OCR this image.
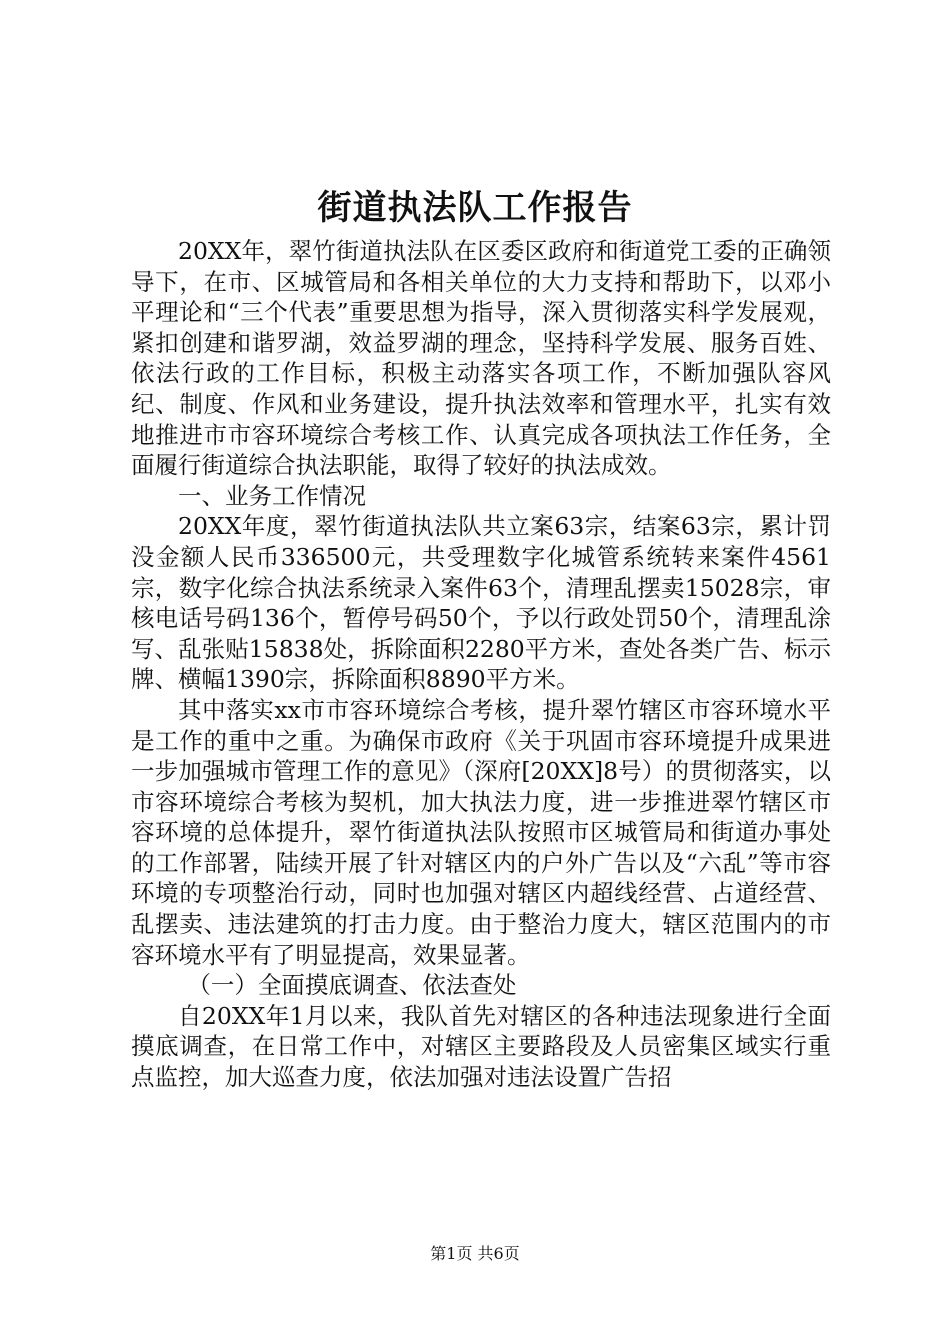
街道执法队工作报告

20XX年，翠竹街道执法队在区委区政府和街道党工委的正确领导下，在市、区城管局和各相关单位的大力支持和帮助下，以邓小平理论和“三个代表”重要思想为指导，深入贯彻落实科学发展观，紧扣创建和谐罗湖，效益罗湖的理念，坚持科学发展、服务百姓、依法行政的工作目标，积极主动落实各项工作，不断加强队容风纪、制度、作风和业务建设，提升执法效率和管理水平，扎实有效地推进市市容环境综合考核工作、认真完成各项执法工作任务，全面履行街道综合执法职能，取得了较好的执法成效。

一、业务工作情况

20XX年度，翠竹街道执法队共立案63宗，结案63宗，累计罚没金额人民币336500元，共受理数字化城管系统转来案件4561宗，数字化综合执法系统录入案件63个，清理乱摆卖15028宗，审核电话号码136个，暂停号码50个，予以行政处罚50个，清理乱涂写、乱张贴15838处，拆除面积2280平方米，查处各类广告、标示牌、横幅1390宗，拆除面积8890平方米。

其中落实xx市市容环境综合考核，提升翠竹辖区市容环境水平是工作的重中之重。为确保市政府《关于巩固市容环境提升成果进一步加强城市管理工作的意见》（深府[20XX]8号）的贯彻落实，以市容环境综合考核为契机，加大执法力度，进一步推进翠竹辖区市容环境的总体提升，翠竹街道执法队按照市区城管局和街道办事处的工作部署，陆续开展了针对辖区内的户外广告以及“六乱”等市容环境的专项整治行动，同时也加强对辖区内超线经营、占道经营、乱摆卖、违法建筑的打击力度。由于整治力度大，辖区范围内的市容环境水平有了明显提高，效果显著。

（一）全面摸底调查、依法查处

自20XX年1月以来，我队首先对辖区的各种违法现象进行全面摸底调查，在日常工作中，对辖区主要路段及人员密集区域实行重点监控，加大巡查力度，依法加强对违法设置广告招

第1页 共6页
